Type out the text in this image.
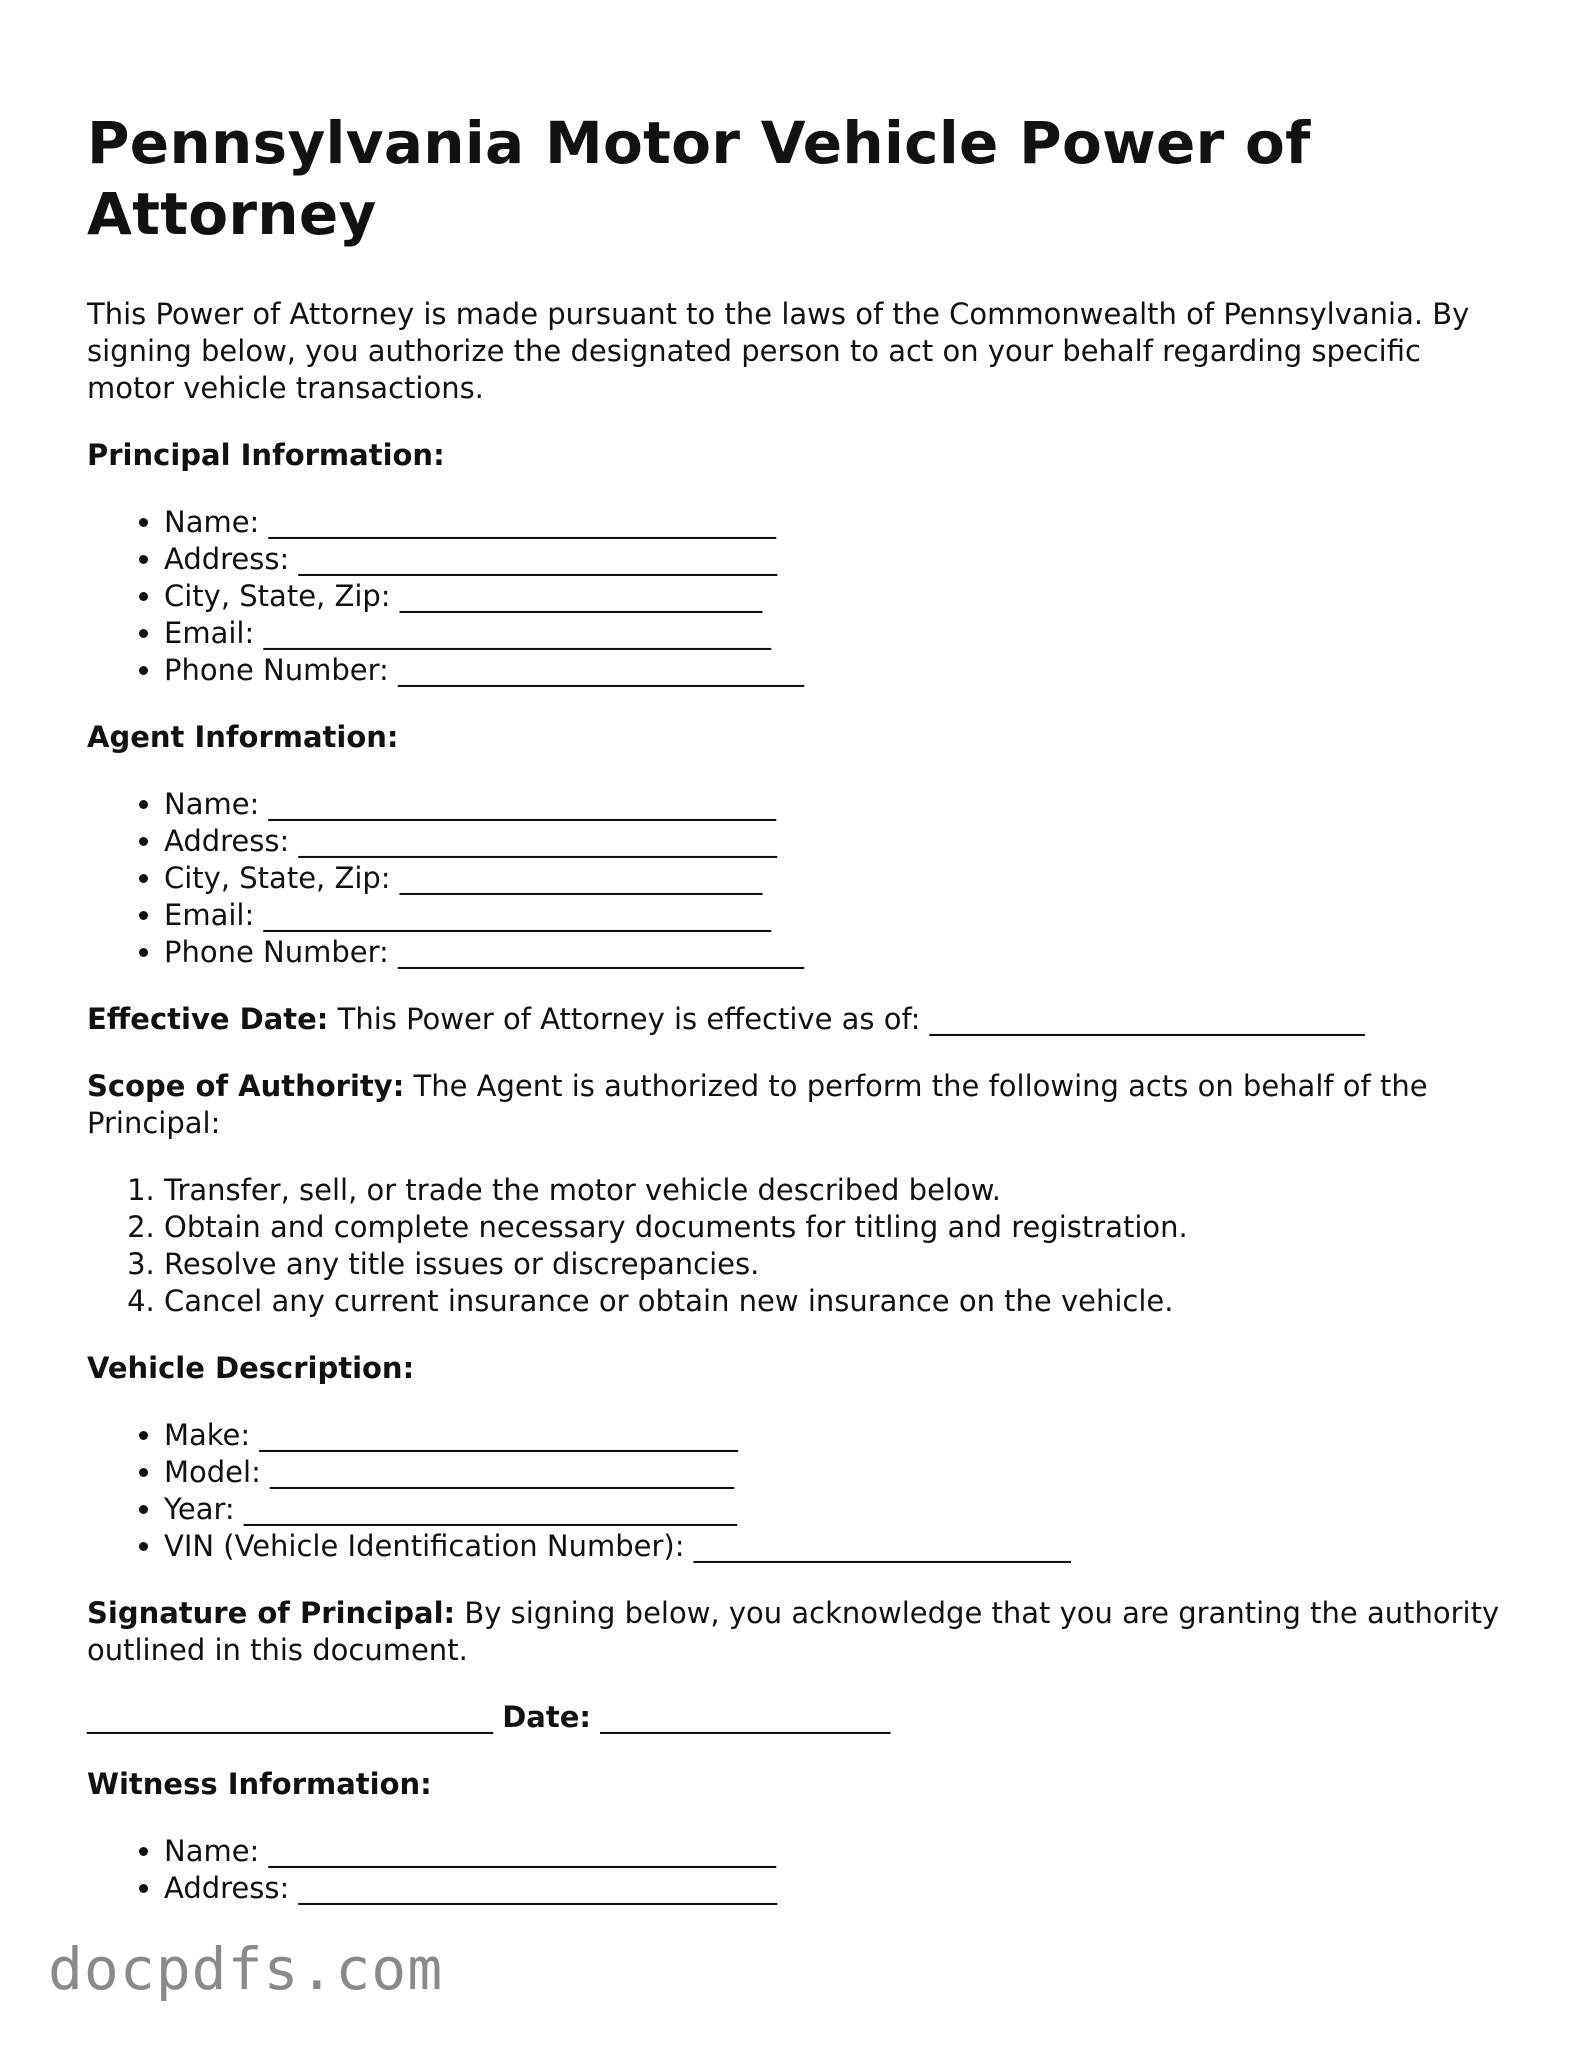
Pennsylvania Motor Vehicle Power of Attorney

This Power of Attorney is made pursuant to the laws of the Commonwealth of Pennsylvania. By signing below, you authorize the designated person to act on your behalf regarding specific motor vehicle transactions.

Principal Information:

• Name: ___________________________________
• Address: _________________________________
• City, State, Zip: _________________________
• Email: ___________________________________
• Phone Number: ____________________________

Agent Information:

• Name: ___________________________________
• Address: _________________________________
• City, State, Zip: _________________________
• Email: ___________________________________
• Phone Number: ____________________________

Effective Date: This Power of Attorney is effective as of: ______________________________

Scope of Authority: The Agent is authorized to perform the following acts on behalf of the Principal:

1. Transfer, sell, or trade the motor vehicle described below.
2. Obtain and complete necessary documents for titling and registration.
3. Resolve any title issues or discrepancies.
4. Cancel any current insurance or obtain new insurance on the vehicle.

Vehicle Description:

• Make: _________________________________
• Model: ________________________________
• Year: __________________________________
• VIN (Vehicle Identification Number): __________________________

Signature of Principal: By signing below, you acknowledge that you are granting the authority outlined in this document.

____________________________ Date: ____________________

Witness Information:

• Name: ___________________________________
• Address: _________________________________
docpdfs.com
